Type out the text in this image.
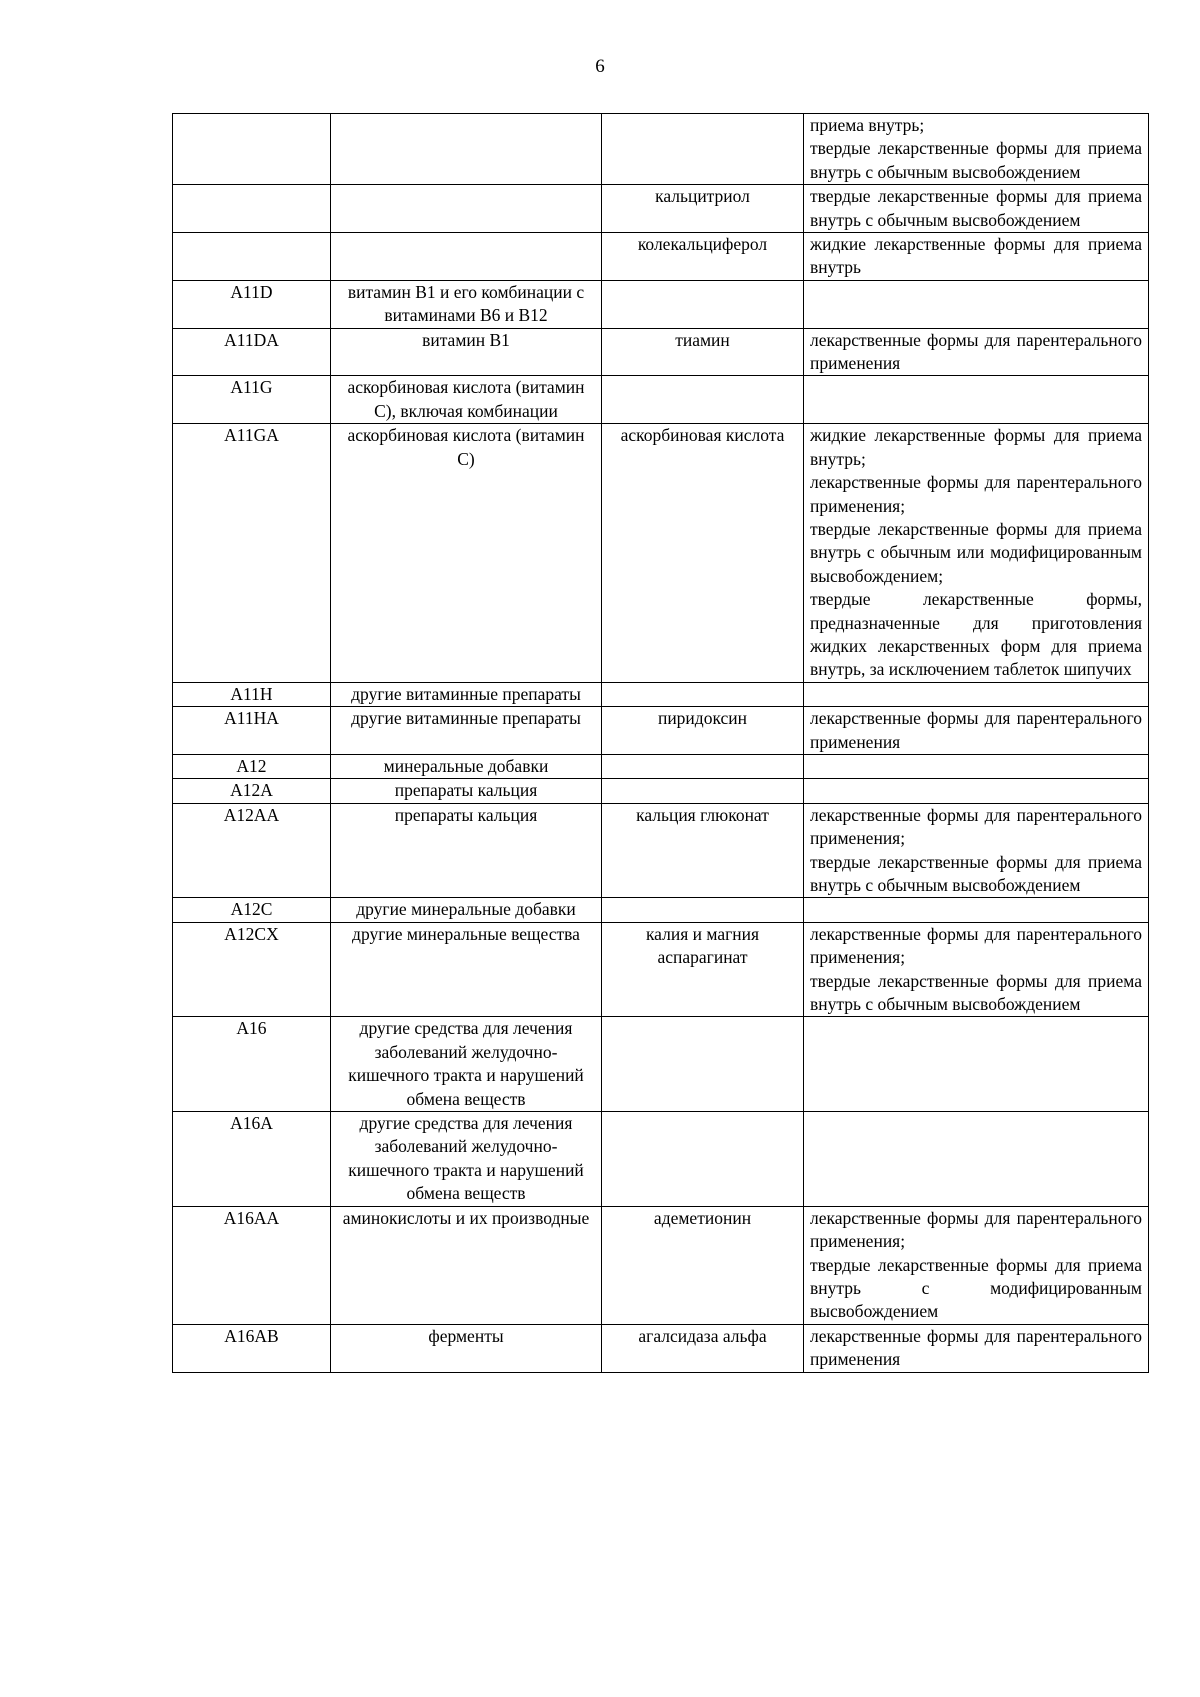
6
			приема внутрь;
твердые лекарственные формы для приема внутрь с обычным высвобождением
		кальцитриол	твердые лекарственные формы для приема внутрь с обычным высвобождением
		колекальциферол	жидкие лекарственные формы для приема внутрь
A11D	витамин B1 и его комбинации с витаминами B6 и B12		
A11DA	витамин B1	тиамин	лекарственные формы для парентерального применения
A11G	аскорбиновая кислота (витамин C), включая комбинации		
A11GA	аскорбиновая кислота (витамин C)	аскорбиновая кислота	жидкие лекарственные формы для приема внутрь;
лекарственные формы для парентерального применения;
твердые лекарственные формы для приема внутрь с обычным или модифицированным высвобождением;
твердые лекарственные формы, предназначенные для приготовления жидких лекарственных форм для приема внутрь, за исключением таблеток шипучих
A11H	другие витаминные препараты		
A11HA	другие витаминные препараты	пиридоксин	лекарственные формы для парентерального применения
A12	минеральные добавки		
A12A	препараты кальция		
A12AA	препараты кальция	кальция глюконат	лекарственные формы для парентерального применения;
твердые лекарственные формы для приема внутрь с обычным высвобождением
A12C	другие минеральные добавки		
A12CX	другие минеральные вещества	калия и магния аспарагинат	лекарственные формы для парентерального применения;
твердые лекарственные формы для приема внутрь с обычным высвобождением
A16	другие средства для лечения заболеваний желудочно-кишечного тракта и нарушений обмена веществ		
A16A	другие средства для лечения заболеваний желудочно-кишечного тракта и нарушений обмена веществ		
A16AA	аминокислоты и их производные	адеметионин	лекарственные формы для парентерального применения;
твердые лекарственные формы для приема внутрь с модифицированным высвобождением
A16AB	ферменты	агалсидаза альфа	лекарственные формы для парентерального применения
